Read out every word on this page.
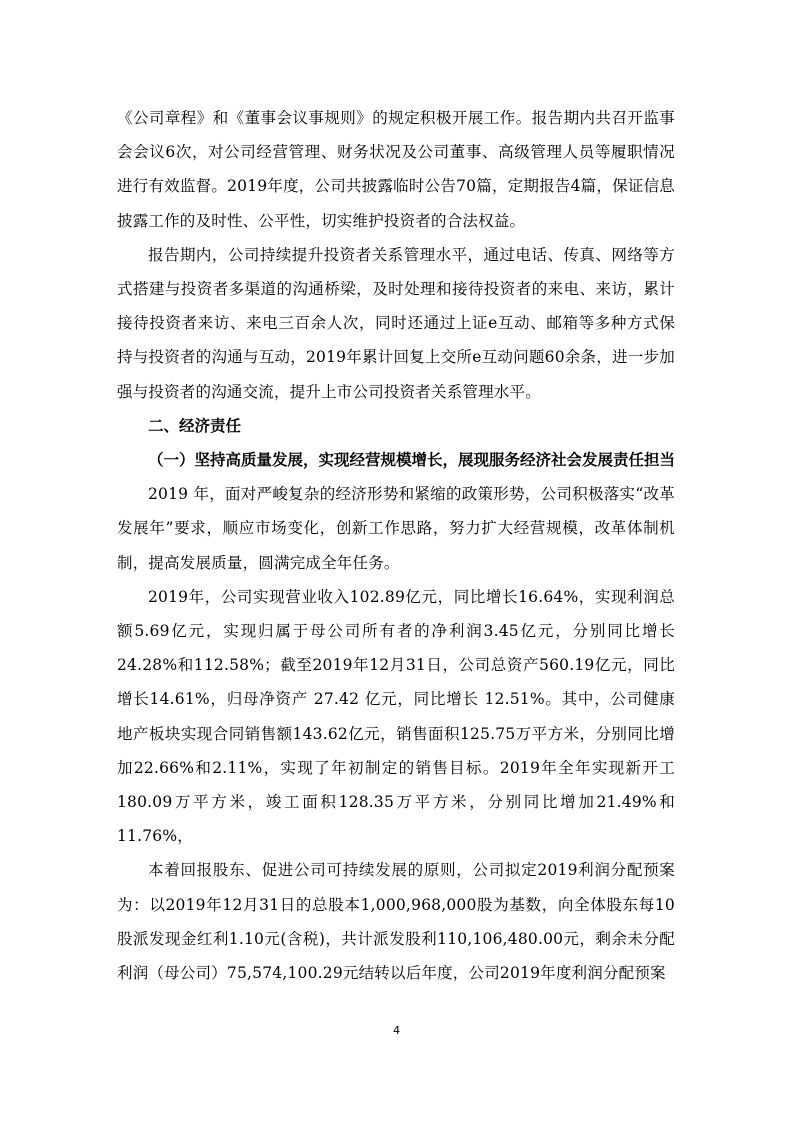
《公司章程》和《董事会议事规则》的规定积极开展工作。报告期内共召开监事会会议6次，对公司经营管理、财务状况及公司董事、高级管理人员等履职情况进行有效监督。2019年度，公司共披露临时公告70篇，定期报告4篇，保证信息披露工作的及时性、公平性，切实维护投资者的合法权益。

报告期内，公司持续提升投资者关系管理水平，通过电话、传真、网络等方式搭建与投资者多渠道的沟通桥梁，及时处理和接待投资者的来电、来访，累计接待投资者来访、来电三百余人次，同时还通过上证e互动、邮箱等多种方式保持与投资者的沟通与互动，2019年累计回复上交所e互动问题60余条，进一步加强与投资者的沟通交流，提升上市公司投资者关系管理水平。

二、经济责任

（一）坚持高质量发展，实现经营规模增长，展现服务经济社会发展责任担当

2019 年，面对严峻复杂的经济形势和紧缩的政策形势，公司积极落实“改革发展年”要求，顺应市场变化，创新工作思路，努力扩大经营规模，改革体制机制，提高发展质量，圆满完成全年任务。

2019年，公司实现营业收入102.89亿元，同比增长16.64%，实现利润总额5.69亿元，实现归属于母公司所有者的净利润3.45亿元，分别同比增长24.28%和112.58%；截至2019年12月31日，公司总资产560.19亿元，同比增长14.61%，归母净资产 27.42 亿元，同比增长 12.51%。其中，公司健康地产板块实现合同销售额143.62亿元，销售面积125.75万平方米，分别同比增加22.66%和2.11%，实现了年初制定的销售目标。2019年全年实现新开工180.09万平方米，竣工面积128.35万平方米，分别同比增加21.49%和11.76%，

本着回报股东、促进公司可持续发展的原则，公司拟定2019利润分配预案为：以2019年12月31日的总股本1,000,968,000股为基数，向全体股东每10股派发现金红利1.10元(含税)，共计派发股利110,106,480.00元，剩余未分配利润（母公司）75,574,100.29元结转以后年度，公司2019年度利润分配预案

4
